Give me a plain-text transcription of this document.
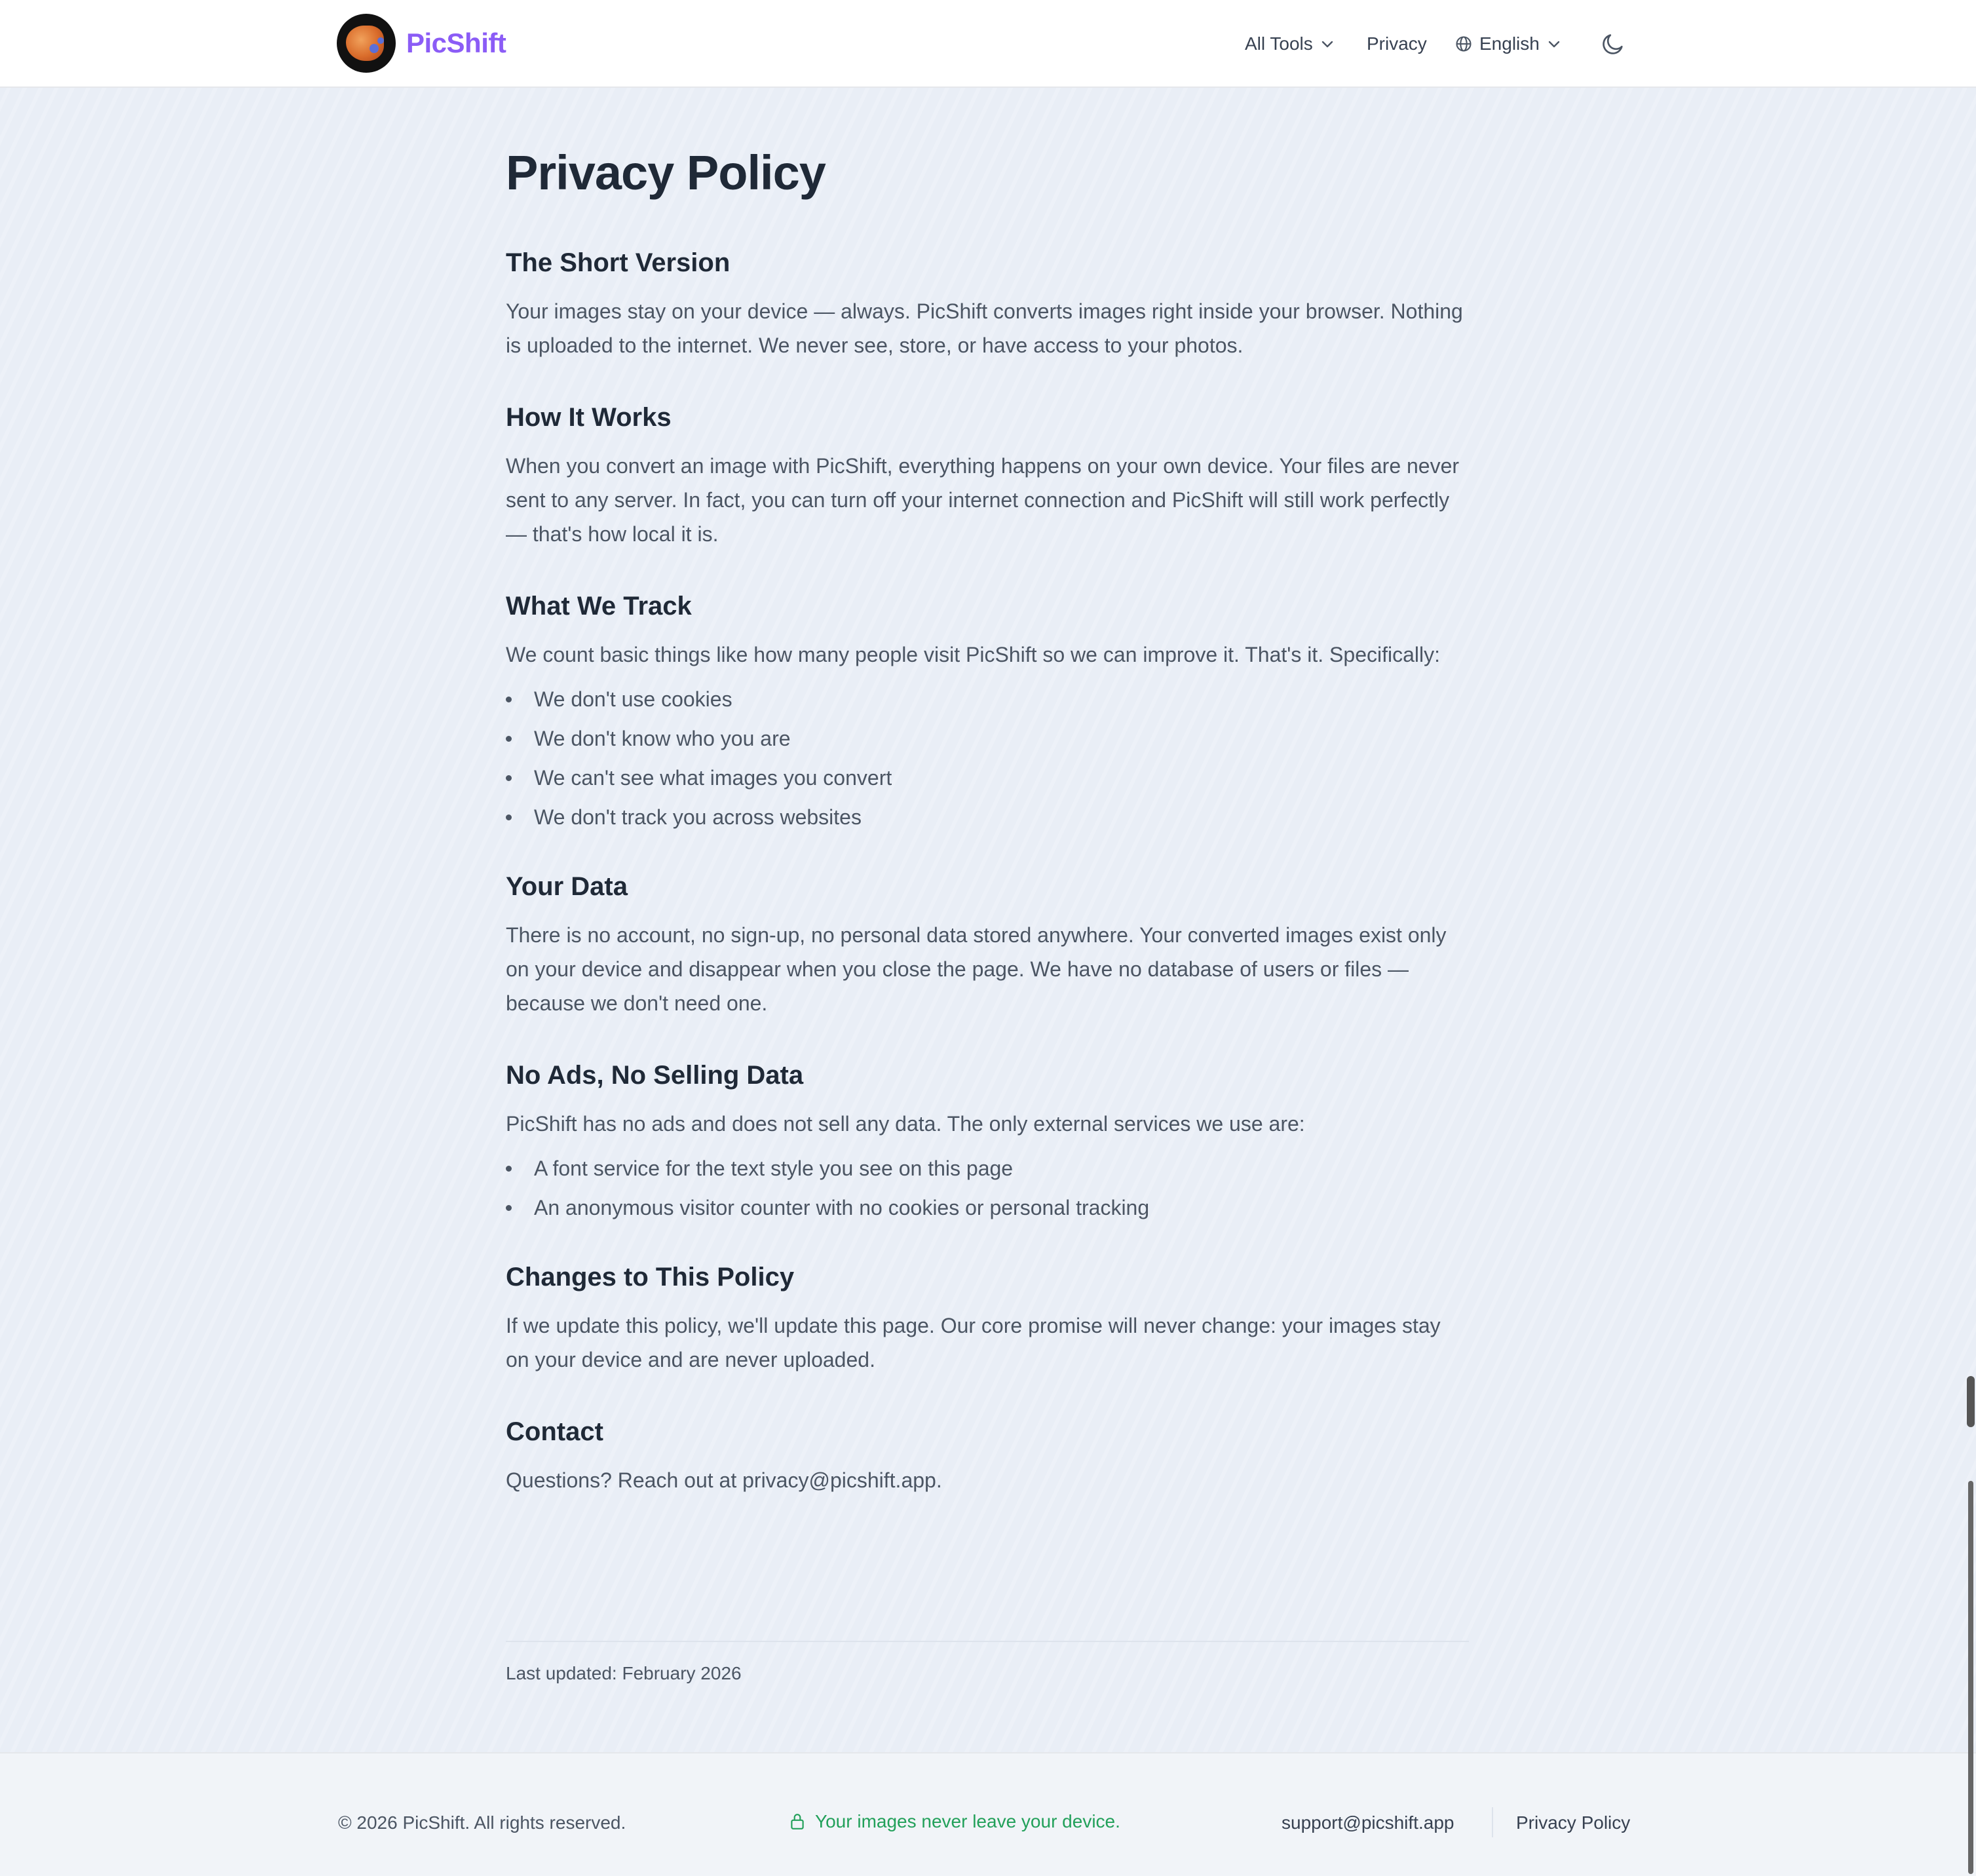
PicShift	All Tools	Privacy	English
Privacy Policy
The Short Version

Your images stay on your device — always. PicShift converts images right inside your browser. Nothing is uploaded to the internet. We never see, store, or have access to your photos.

How It Works

When you convert an image with PicShift, everything happens on your own device. Your files are never sent to any server. In fact, you can turn off your internet connection and PicShift will still work perfectly — that's how local it is.

What We Track

We count basic things like how many people visit PicShift so we can improve it. That's it. Specifically:

We don't use cookies
We don't know who you are
We can't see what images you convert
We don't track you across websites
Your Data

There is no account, no sign-up, no personal data stored anywhere. Your converted images exist only on your device and disappear when you close the page. We have no database of users or files — because we don't need one.

No Ads, No Selling Data

PicShift has no ads and does not sell any data. The only external services we use are:

A font service for the text style you see on this page
An anonymous visitor counter with no cookies or personal tracking
Changes to This Policy

If we update this policy, we'll update this page. Our core promise will never change: your images stay on your device and are never uploaded.

Contact

Questions? Reach out at privacy@picshift.app.

Last updated: February 2026
© 2026 PicShift. All rights reserved.	Your images never leave your device.	support@picshift.app	Privacy Policy
